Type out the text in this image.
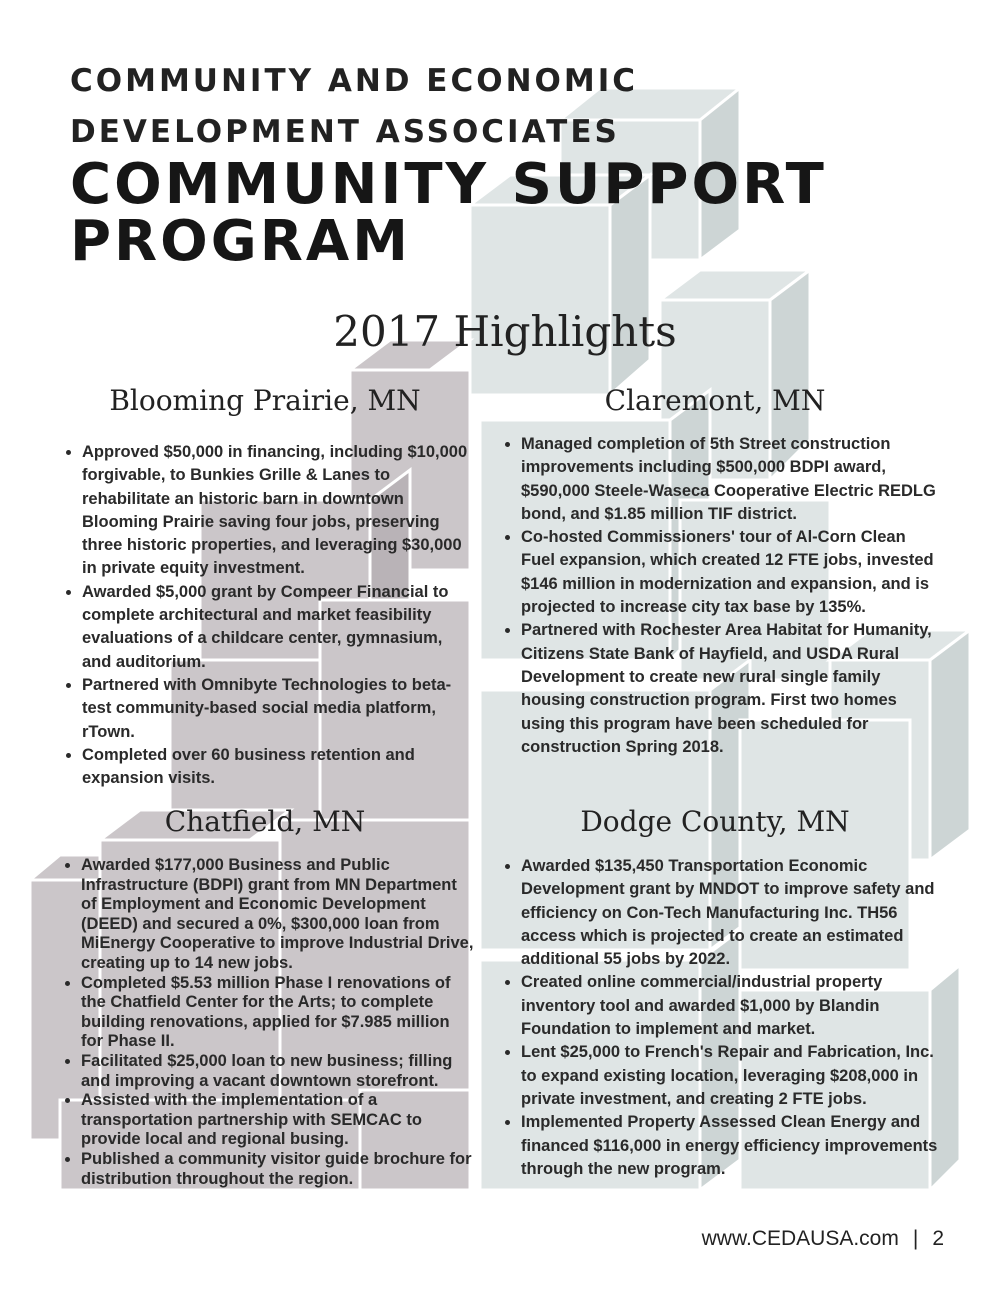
COMMUNITY AND ECONOMIC
DEVELOPMENT ASSOCIATES
COMMUNITY SUPPORT
PROGRAM
2017 Highlights
Blooming Prairie, MN
• Approved $50,000 in financing, including $10,000 forgivable, to Bunkies Grille & Lanes to rehabilitate an historic barn in downtown Blooming Prairie saving four jobs, preserving three historic properties, and leveraging $30,000 in private equity investment.
• Awarded $5,000 grant by Compeer Financial to complete architectural and market feasibility evaluations of a childcare center, gymnasium, and auditorium.
• Partnered with Omnibyte Technologies to beta-test community-based social media platform, rTown.
• Completed over 60 business retention and expansion visits.
Claremont, MN
• Managed completion of 5th Street construction improvements including $500,000 BDPI award, $590,000 Steele-Waseca Cooperative Electric REDLG bond, and $1.85 million TIF district.
• Co-hosted Commissioners' tour of Al-Corn Clean Fuel expansion, which created 12 FTE jobs, invested $146 million in modernization and expansion, and is projected to increase city tax base by 135%.
• Partnered with Rochester Area Habitat for Humanity, Citizens State Bank of Hayfield, and USDA Rural Development to create new rural single family housing construction program. First two homes using this program have been scheduled for construction Spring 2018.
Chatfield, MN
• Awarded $177,000 Business and Public Infrastructure (BDPI) grant from MN Department of Employment and Economic Development (DEED) and secured a 0%, $300,000 loan from MiEnergy Cooperative to improve Industrial Drive, creating up to 14 new jobs.
• Completed $5.53 million Phase I renovations of the Chatfield Center for the Arts; to complete building renovations, applied for $7.985 million for Phase II.
• Facilitated $25,000 loan to new business; filling and improving a vacant downtown storefront.
• Assisted with the implementation of a transportation partnership with SEMCAC to provide local and regional busing.
• Published a community visitor guide brochure for distribution throughout the region.
Dodge County, MN
• Awarded $135,450 Transportation Economic Development grant by MNDOT to improve safety and efficiency on Con-Tech Manufacturing Inc. TH56 access which is projected to create an estimated additional 55 jobs by 2022.
• Created online commercial/industrial property inventory tool and awarded $1,000 by Blandin Foundation to implement and market.
• Lent $25,000 to French's Repair and Fabrication, Inc. to expand existing location, leveraging $208,000 in private investment, and creating 2 FTE jobs.
• Implemented Property Assessed Clean Energy and financed $116,000 in energy efficiency improvements through the new program.
www.CEDAUSA.com | 2
